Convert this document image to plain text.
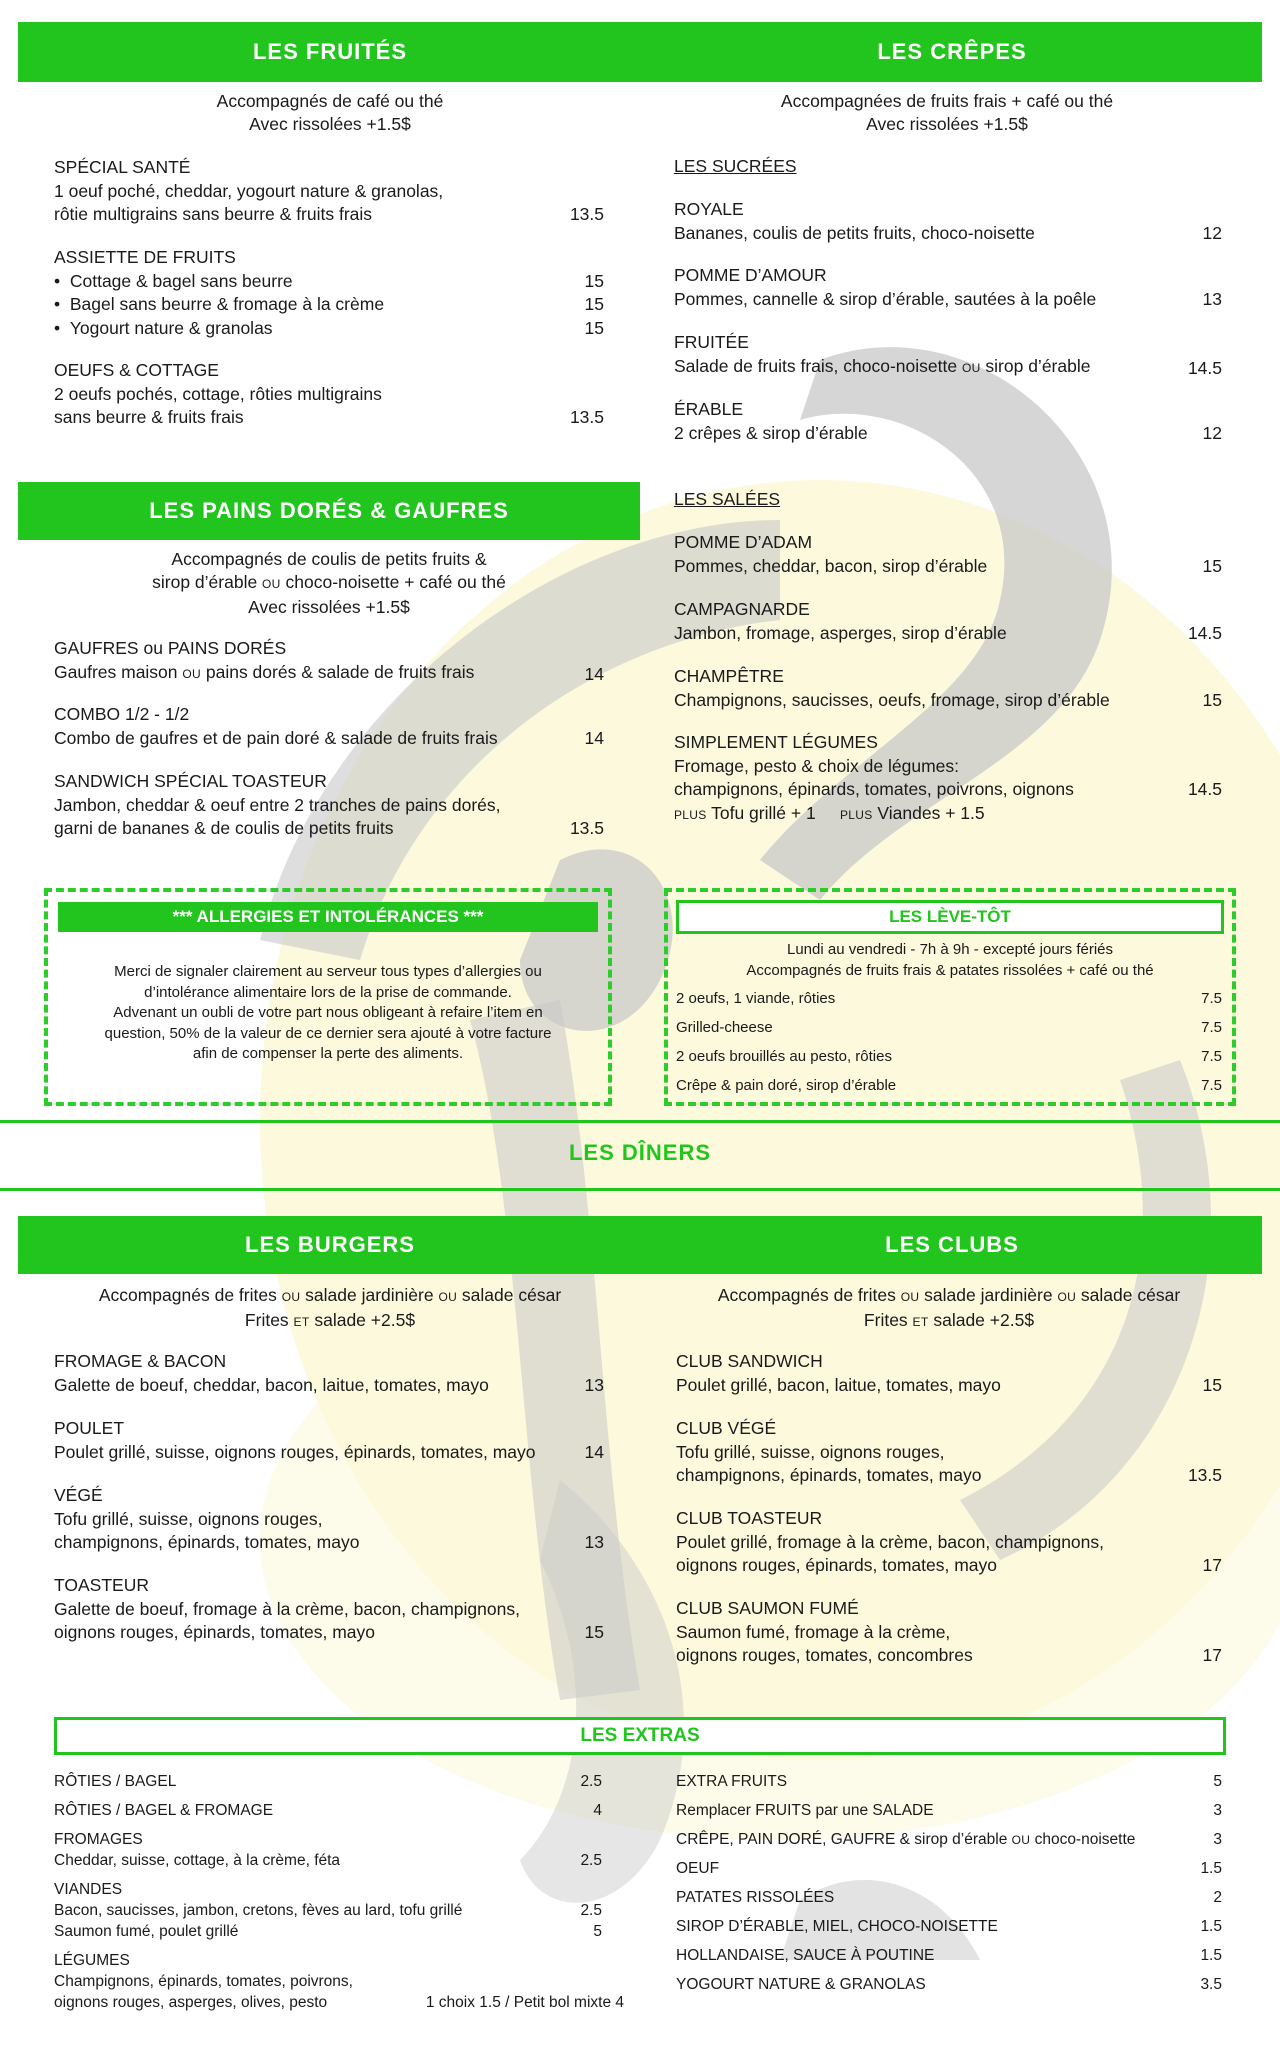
LES FRUITÉS
Accompagnés de café ou thé
Avec rissolées +1.5$
SPÉCIAL SANTÉ
1 oeuf poché, cheddar, yogourt nature & granolas,
rôtie multigrains sans beurre & fruits frais	13.5
ASSIETTE DE FRUITS
•  Cottage & bagel sans beurre	15
•  Bagel sans beurre & fromage à la crème	15
•  Yogourt nature & granolas	15
OEUFS & COTTAGE
2 oeufs pochés, cottage, rôties multigrains
sans beurre & fruits frais	13.5
LES CRÊPES
Accompagnées de fruits frais + café ou thé
Avec rissolées +1.5$
LES SUCRÉES
ROYALE
Bananes, coulis de petits fruits, choco-noisette	12
POMME D’AMOUR
Pommes, cannelle & sirop d’érable, sautées à la poêle	13
FRUITÉE
Salade de fruits frais, choco-noisette OU sirop d’érable	14.5
ÉRABLE
2 crêpes & sirop d’érable	12
LES SALÉES
POMME D’ADAM
Pommes, cheddar, bacon, sirop d’érable	15
CAMPAGNARDE
Jambon, fromage, asperges, sirop d’érable	14.5
CHAMPÊTRE
Champignons, saucisses, oeufs, fromage, sirop d’érable	15
SIMPLEMENT LÉGUMES
Fromage, pesto & choix de légumes:
champignons, épinards, tomates, poivrons, oignons	14.5
PLUS Tofu grillé + 1 PLUS Viandes + 1.5
LES PAINS DORÉS & GAUFRES
Accompagnés de coulis de petits fruits &
sirop d’érable OU choco-noisette + café ou thé
Avec rissolées +1.5$
GAUFRES ou PAINS DORÉS
Gaufres maison OU pains dorés & salade de fruits frais	14
COMBO 1/2 - 1/2
Combo de gaufres et de pain doré & salade de fruits frais	14
SANDWICH SPÉCIAL TOASTEUR
Jambon, cheddar & oeuf entre 2 tranches de pains dorés,
garni de bananes & de coulis de petits fruits	13.5
*** ALLERGIES ET INTOLÉRANCES ***
Merci de signaler clairement au serveur tous types d’allergies ou
d’intolérance alimentaire lors de la prise de commande.
Advenant un oubli de votre part nous obligeant à refaire l’item en
question, 50% de la valeur de ce dernier sera ajouté à votre facture
afin de compenser la perte des aliments.
LES LÈVE-TÔT
Lundi au vendredi - 7h à 9h - excepté jours fériés
Accompagnés de fruits frais & patates rissolées + café ou thé
2 oeufs, 1 viande, rôties	7.5
Grilled-cheese	7.5
2 oeufs brouillés au pesto, rôties	7.5
Crêpe & pain doré, sirop d’érable	7.5
LES DÎNERS
LES BURGERS
Accompagnés de frites OU salade jardinière OU salade césar
Frites ET salade +2.5$
FROMAGE & BACON
Galette de boeuf, cheddar, bacon, laitue, tomates, mayo	13
POULET
Poulet grillé, suisse, oignons rouges, épinards, tomates, mayo	14
VÉGÉ
Tofu grillé, suisse, oignons rouges,
champignons, épinards, tomates, mayo	13
TOASTEUR
Galette de boeuf, fromage à la crème, bacon, champignons,
oignons rouges, épinards, tomates, mayo	15
LES CLUBS
Accompagnés de frites OU salade jardinière OU salade césar
Frites ET salade +2.5$
CLUB SANDWICH
Poulet grillé, bacon, laitue, tomates, mayo	15
CLUB VÉGÉ
Tofu grillé, suisse, oignons rouges,
champignons, épinards, tomates, mayo	13.5
CLUB TOASTEUR
Poulet grillé, fromage à la crème, bacon, champignons,
oignons rouges, épinards, tomates, mayo	17
CLUB SAUMON FUMÉ
Saumon fumé, fromage à la crème,
oignons rouges, tomates, concombres	17
LES EXTRAS
RÔTIES / BAGEL	2.5
RÔTIES / BAGEL & FROMAGE	4
FROMAGES
Cheddar, suisse, cottage, à la crème, féta	2.5
VIANDES
Bacon, saucisses, jambon, cretons, fèves au lard, tofu grillé	2.5
Saumon fumé, poulet grillé	5
LÉGUMES
Champignons, épinards, tomates, poivrons,
oignons rouges, asperges, olives, pesto	1 choix 1.5 / Petit bol mixte 4
EXTRA FRUITS	5
Remplacer FRUITS par une SALADE	3
CRÊPE, PAIN DORÉ, GAUFRE & sirop d’érable OU choco-noisette	3
OEUF	1.5
PATATES RISSOLÉES	2
SIROP D’ÉRABLE, MIEL, CHOCO-NOISETTE	1.5
HOLLANDAISE, SAUCE À POUTINE	1.5
YOGOURT NATURE & GRANOLAS	3.5
